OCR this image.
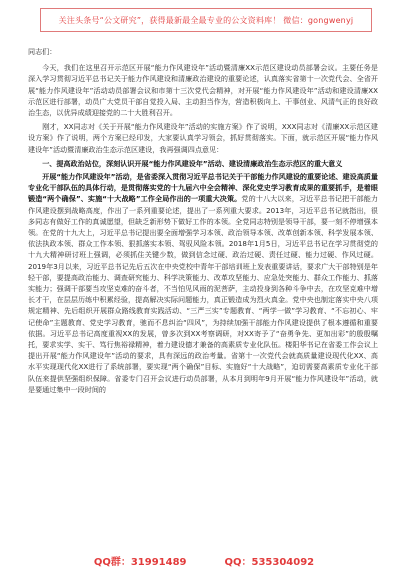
关注头条号“公文研究”，获得最新最全最专业的公文资料库！ 微信：gongwenyj

同志们：

今天，我们在这里召开示范区开展“能力作风建设年”活动暨清廉XX示范区建设动员部署会议。主要任务是深入学习贯彻习近平总书记关于能力作风建设和清廉政治建设的重要论述，认真落实省第十一次党代会、全省开展“能力作风建设年”活动动员部署会议和市第十三次党代会精神，对开展“能力作风建设年”活动和建设清廉XX示范区进行部署，动员广大党员干部自觉投入局、主动担当作为，营造积极向上、干事创业、风清气正的良好政治生态，以优异成绩迎接党的二十大胜利召开。

刚才，XX同志对《关于开展“能力作风建设年”活动的实施方案》作了说明，XXX同志对《清廉XX示范区建设方案》作了说明，两个方案已经印发，大家要认真学习领会，抓好贯彻落实。下面，就示范区开展“能力作风建设年”活动暨清廉政治生态示范区建设，我再强调四点意见：

一、提高政治站位，深刻认识开展“能力作风建设年”活动、建设清廉政治生态示范区的重大意义

开展“能力作风建设年”活动，是省委深入贯彻习近平总书记关于干部能力作风建设的重要论述、建设高质量专业化干部队伍的具体行动，是贯彻落实党的十九届六中全会精神、深化党史学习教育成果的重要抓手，是着眼锻造“两个确保”、实施“十大战略”工作全局作出的一项重大决策。党的十八大以来，习近平总书记把干部能力作风建设摆到战略高度，作出了一系列重要论述，提出了一系列重大要求。2013年，习近平总书记就指出，很多同志有做好工作的真诚愿望，但缺乏新形势下做好工作的本领。全党同志特别是领导干部，要一刻不停增强本领。在党的十九大上，习近平总书记提出要全面增强学习本领、政治领导本领、改革创新本领、科学发展本领、依法执政本领、群众工作本领、狠抓落实本领、驾驭风险本领。2018年1月5日，习近平总书记在学习贯彻党的十九大精神研讨班上强调，必须抓住关键少数，做到信念过硬、政治过硬、责任过硬、能力过硬、作风过硬。2019年3月以来，习近平总书记先后五次在中央党校中青年干部培训班上发表重要讲话，要求广大干部特别是年轻干部，要提高政治能力、调查研究能力、科学决策能力、改革攻坚能力、应急处突能力、群众工作能力、抓落实能力；强调干部要当攻坚克难的奋斗者，不当怕见风雨的泥菩萨，主动投身到各种斗争中去，在攻坚克难中增长才干，在层层历练中积累经验，提高解决实际问题能力，真正锻造成为烈火真金。党中央也制定落实中央八项规定精神、先后组织开展群众路线教育实践活动、“三严三实”专题教育、“两学一做”学习教育、“不忘初心、牢记使命”主题教育、党史学习教育，驰而不息纠治“四风”，为持续加强干部能力作风建设提供了根本遵循和重要依据。习近平总书记高度重视XX的发展，曾多次到XX考察调研，对XX寄予了“奋勇争先、更加出彩”的殷殷嘱托，要求实学、实干、笃行焦裕禄精神，着力建设德才兼备的高素质专业化队伍。楼阳华书记在省委工作会议上提出开展“能力作风建设年”活动的要求，具有深远的政治考量。省第十一次党代会就高质量建设现代化XX、高水平实现现代化XX进行了系统部署，要实现“两个确保”目标、实施好“十大战略”，迫切需要高素质专业化干部队伍来提供坚强组织保障。省委专门召开会议进行动员部署，从本月到明年9月开展“能力作风建设年”活动，就是要通过集中一段时间的

QQ群：31991489	QQ：535304092
